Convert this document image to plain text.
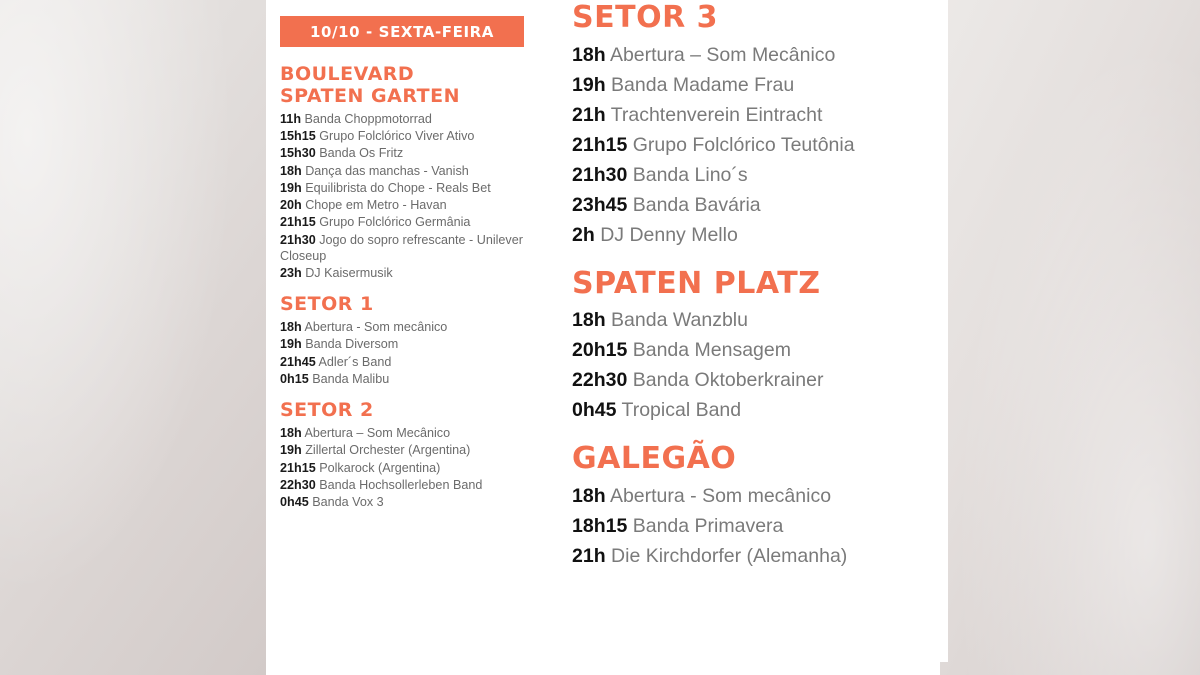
10/10 - SEXTA-FEIRA
BOULEVARD
SPATEN GARTEN
11h Banda Choppmotorrad
15h15 Grupo Folclórico Viver Ativo
15h30 Banda Os Fritz
18h Dança das manchas - Vanish
19h Equilibrista do Chope - Reals Bet
20h Chope em Metro - Havan
21h15 Grupo Folclórico Germânia
21h30 Jogo do sopro refrescante - Unilever Closeup
23h DJ Kaisermusik
SETOR 1
18h Abertura - Som mecânico
19h Banda Diversom
21h45 Adler´s Band
0h15 Banda Malibu
SETOR 2
18h Abertura – Som Mecânico
19h Zillertal Orchester (Argentina)
21h15 Polkarock (Argentina)
22h30 Banda Hochsollerleben Band
0h45 Banda Vox 3
SETOR 3
18h Abertura – Som Mecânico
19h Banda Madame Frau
21h Trachtenverein Eintracht
21h15 Grupo Folclórico Teutônia
21h30 Banda Lino´s
23h45 Banda Bavária
2h DJ Denny Mello
SPATEN PLATZ
18h Banda Wanzblu
20h15 Banda Mensagem
22h30 Banda Oktoberkrainer
0h45 Tropical Band
GALEGÃO
18h Abertura - Som mecânico
18h15 Banda Primavera
21h Die Kirchdorfer (Alemanha)
